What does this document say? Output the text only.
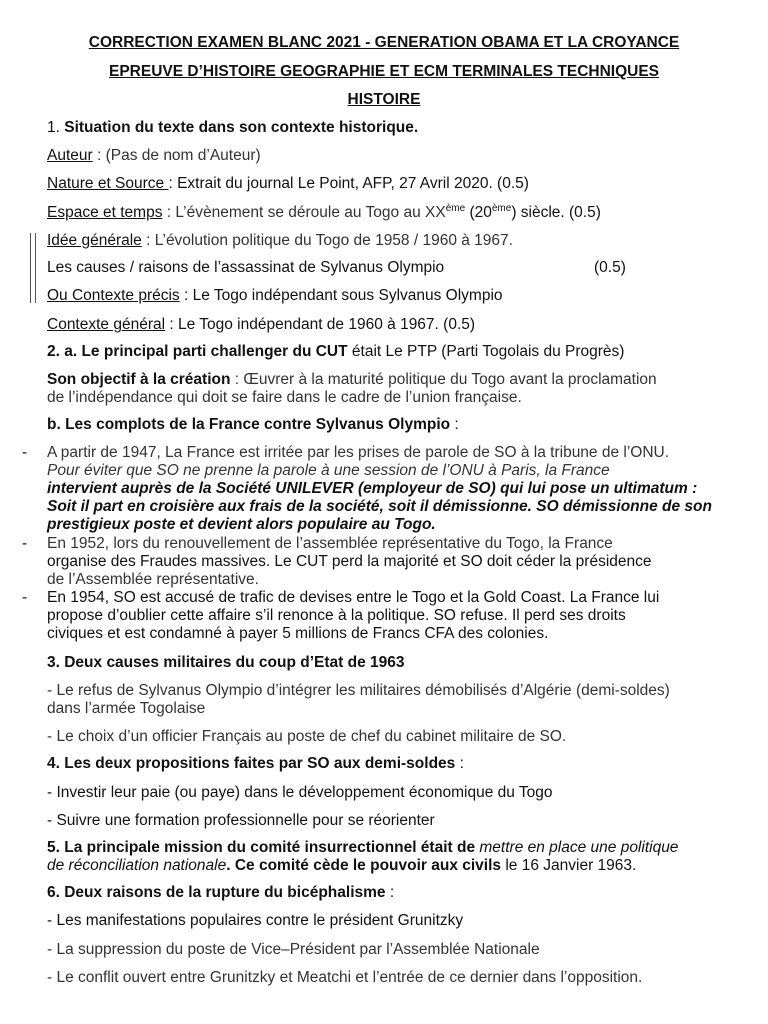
CORRECTION EXAMEN BLANC 2021 - GENERATION OBAMA ET LA CROYANCE
EPREUVE D’HISTOIRE GEOGRAPHIE ET ECM TERMINALES TECHNIQUES
HISTOIRE
1. Situation du texte dans son contexte historique.
Auteur : (Pas de nom d’Auteur)
Nature et Source : Extrait du journal Le Point, AFP, 27 Avril 2020. (0.5)
Espace et temps : L’évènement se déroule au Togo au XXème (20ème) siècle. (0.5)
Idée générale : L’évolution politique du Togo de 1958 / 1960 à 1967.
Les causes / raisons de l’assassinat de Sylvanus Olympio	(0.5)
Ou Contexte précis : Le Togo indépendant sous Sylvanus Olympio
Contexte général : Le Togo indépendant de 1960 à 1967. (0.5)
2. a. Le principal parti challenger du CUT était Le PTP (Parti Togolais du Progrès)
Son objectif à la création : Œuvrer à la maturité politique du Togo avant la proclamation
de l’indépendance qui doit se faire dans le cadre de l’union française.
b. Les complots de la France contre Sylvanus Olympio :
- A partir de 1947, La France est irritée par les prises de parole de SO à la tribune de l’ONU.
Pour éviter que SO ne prenne la parole à une session de l’ONU à Paris, la France
intervient auprès de la Société UNILEVER (employeur de SO) qui lui pose un ultimatum :
Soit il part en croisière aux frais de la société, soit il démissionne. SO démissionne de son
prestigieux poste et devient alors populaire au Togo.
- En 1952, lors du renouvellement de l’assemblée représentative du Togo, la France
organise des Fraudes massives. Le CUT perd la majorité et SO doit céder la présidence
de l’Assemblée représentative.
- En 1954, SO est accusé de trafic de devises entre le Togo et la Gold Coast. La France lui
propose d’oublier cette affaire s’il renonce à la politique. SO refuse. Il perd ses droits
civiques et est condamné à payer 5 millions de Francs CFA des colonies.
3. Deux causes militaires du coup d’Etat de 1963
- Le refus de Sylvanus Olympio d’intégrer les militaires démobilisés d’Algérie (demi-soldes)
dans l’armée Togolaise
- Le choix d’un officier Français au poste de chef du cabinet militaire de SO.
4. Les deux propositions faites par SO aux demi-soldes :
- Investir leur paie (ou paye) dans le développement économique du Togo
- Suivre une formation professionnelle pour se réorienter
5. La principale mission du comité insurrectionnel était de mettre en place une politique
de réconciliation nationale. Ce comité cède le pouvoir aux civils le 16 Janvier 1963.
6. Deux raisons de la rupture du bicéphalisme :
- Les manifestations populaires contre le président Grunitzky
- La suppression du poste de Vice–Président par l’Assemblée Nationale
- Le conflit ouvert entre Grunitzky et Meatchi et l’entrée de ce dernier dans l’opposition.
